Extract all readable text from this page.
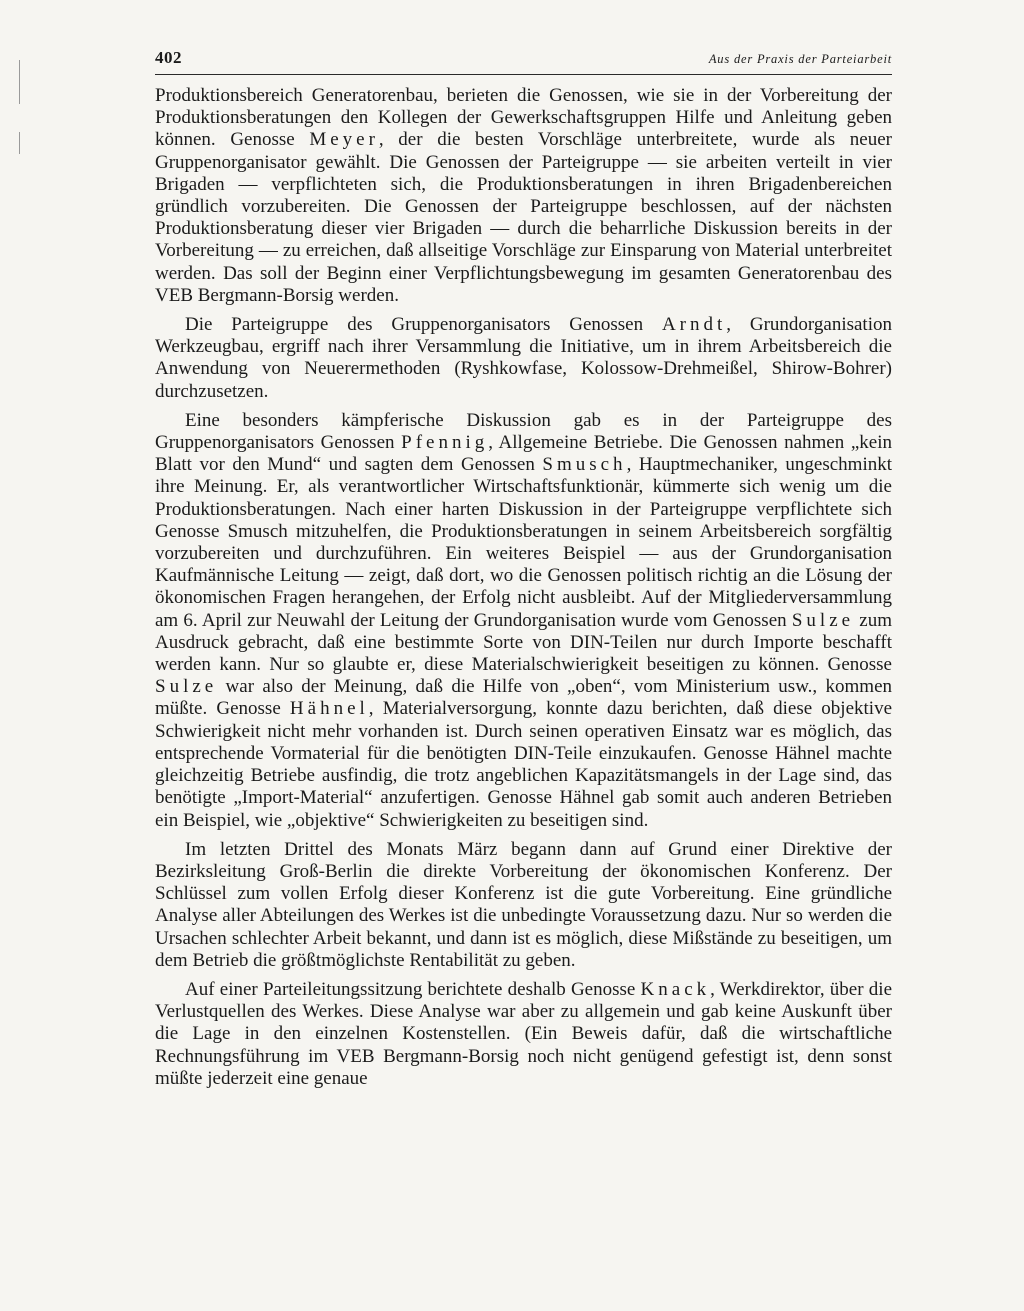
402	Aus der Praxis der Parteiarbeit

Produktionsbereich Generatorenbau, berieten die Genossen, wie sie in der Vorbereitung der Produktionsberatungen den Kollegen der Gewerkschaftsgruppen Hilfe und Anleitung geben können. Genosse Meyer, der die besten Vorschläge unterbreitete, wurde als neuer Gruppenorganisator gewählt. Die Genossen der Parteigruppe — sie arbeiten verteilt in vier Brigaden — verpflichteten sich, die Produktionsberatungen in ihren Brigadenbereichen gründlich vorzubereiten. Die Genossen der Parteigruppe beschlossen, auf der nächsten Produktionsberatung dieser vier Brigaden — durch die beharrliche Diskussion bereits in der Vorbereitung — zu erreichen, daß allseitige Vorschläge zur Einsparung von Material unterbreitet werden. Das soll der Beginn einer Verpflichtungsbewegung im gesamten Generatorenbau des VEB Bergmann-Borsig werden.

Die Parteigruppe des Gruppenorganisators Genossen Arndt, Grundorganisation Werkzeugbau, ergriff nach ihrer Versammlung die Initiative, um in ihrem Arbeitsbereich die Anwendung von Neuerermethoden (Ryshkowfase, Kolossow-Drehmeißel, Shirow-Bohrer) durchzusetzen.

Eine besonders kämpferische Diskussion gab es in der Parteigruppe des Gruppenorganisators Genossen Pfennig, Allgemeine Betriebe. Die Genossen nahmen „kein Blatt vor den Mund“ und sagten dem Genossen Smusch, Hauptmechaniker, ungeschminkt ihre Meinung. Er, als verantwortlicher Wirtschaftsfunktionär, kümmerte sich wenig um die Produktionsberatungen. Nach einer harten Diskussion in der Parteigruppe verpflichtete sich Genosse Smusch mitzuhelfen, die Produktionsberatungen in seinem Arbeitsbereich sorgfältig vorzubereiten und durchzuführen. Ein weiteres Beispiel — aus der Grundorganisation Kaufmännische Leitung — zeigt, daß dort, wo die Genossen politisch richtig an die Lösung der ökonomischen Fragen herangehen, der Erfolg nicht ausbleibt. Auf der Mitgliederversammlung am 6. April zur Neuwahl der Leitung der Grundorganisation wurde vom Genossen Sulze zum Ausdruck gebracht, daß eine bestimmte Sorte von DIN-Teilen nur durch Importe beschafft werden kann. Nur so glaubte er, diese Materialschwierigkeit beseitigen zu können. Genosse Sulze war also der Meinung, daß die Hilfe von „oben“, vom Ministerium usw., kommen müßte. Genosse Hähnel, Materialversorgung, konnte dazu berichten, daß diese objektive Schwierigkeit nicht mehr vorhanden ist. Durch seinen operativen Einsatz war es möglich, das entsprechende Vormaterial für die benötigten DIN-Teile einzukaufen. Genosse Hähnel machte gleichzeitig Betriebe ausfindig, die trotz angeblichen Kapazitätsmangels in der Lage sind, das benötigte „Import-Material“ anzufertigen. Genosse Hähnel gab somit auch anderen Betrieben ein Beispiel, wie „objektive“ Schwierigkeiten zu beseitigen sind.

Im letzten Drittel des Monats März begann dann auf Grund einer Direktive der Bezirksleitung Groß-Berlin die direkte Vorbereitung der ökonomischen Konferenz. Der Schlüssel zum vollen Erfolg dieser Konferenz ist die gute Vorbereitung. Eine gründliche Analyse aller Abteilungen des Werkes ist die unbedingte Voraussetzung dazu. Nur so werden die Ursachen schlechter Arbeit bekannt, und dann ist es möglich, diese Mißstände zu beseitigen, um dem Betrieb die größtmöglichste Rentabilität zu geben.

Auf einer Parteileitungssitzung berichtete deshalb Genosse Knack, Werkdirektor, über die Verlustquellen des Werkes. Diese Analyse war aber zu allgemein und gab keine Auskunft über die Lage in den einzelnen Kostenstellen. (Ein Beweis dafür, daß die wirtschaftliche Rechnungsführung im VEB Bergmann-Borsig noch nicht genügend gefestigt ist, denn sonst müßte jederzeit eine genaue
